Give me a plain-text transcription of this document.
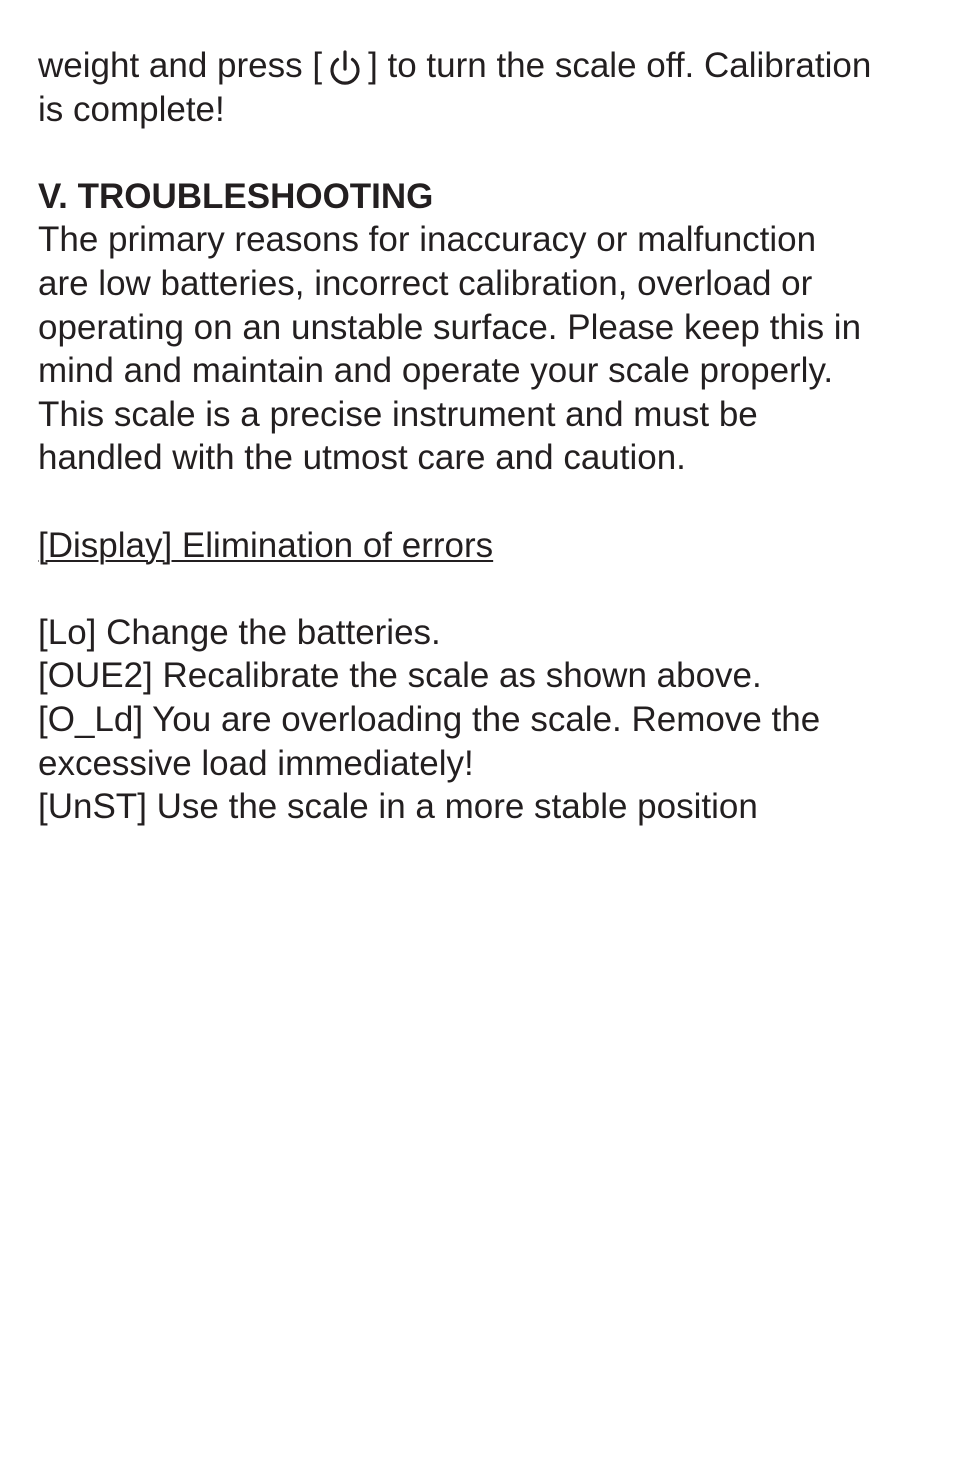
weight and press [ ] to turn the scale off. Calibration
is complete!
V. TROUBLESHOOTING
The primary reasons for inaccuracy or malfunction
are low batteries, incorrect calibration, overload or
operating on an unstable surface. Please keep this in
mind and maintain and operate your scale properly.
This scale is a precise instrument and must be
handled with the utmost care and caution.
[Display] Elimination of errors
[Lo] Change the batteries.
[OUE2] Recalibrate the scale as shown above.
[O_Ld] You are overloading the scale. Remove the
excessive load immediately!
[UnST] Use the scale in a more stable position
